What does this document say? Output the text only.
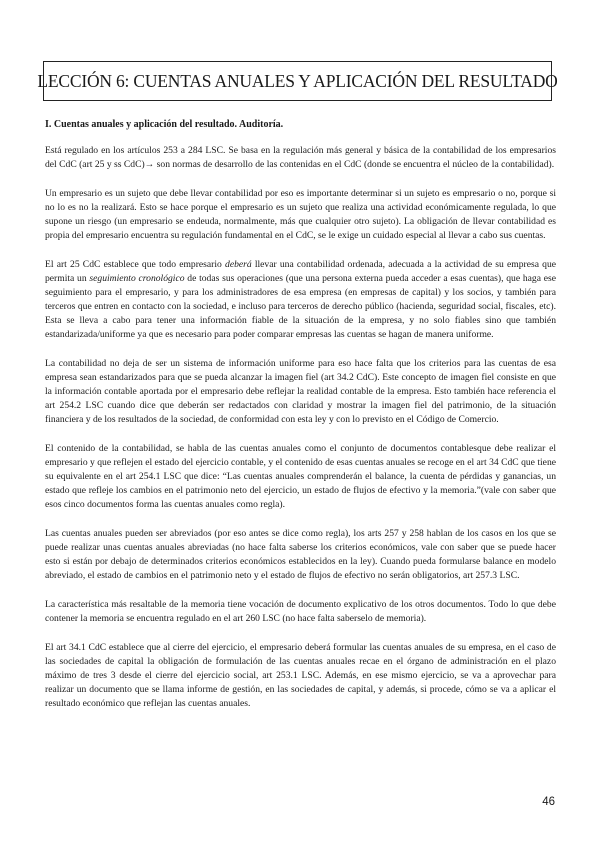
LECCIÓN 6: CUENTAS ANUALES Y APLICACIÓN DEL RESULTADO
I. Cuentas anuales y aplicación del resultado. Auditoría.

Está regulado en los artículos 253 a 284 LSC. Se basa en la regulación más general y básica de la contabilidad de los empresarios del CdC (art 25 y ss CdC)→ son normas de desarrollo de las contenidas en el CdC (donde se encuentra el núcleo de la contabilidad).

Un empresario es un sujeto que debe llevar contabilidad por eso es importante determinar si un sujeto es empresario o no, porque si no lo es no la realizará. Esto se hace porque el empresario es un sujeto que realiza una actividad económicamente regulada, lo que supone un riesgo (un empresario se endeuda, normalmente, más que cualquier otro sujeto). La obligación de llevar contabilidad es propia del empresario encuentra su regulación fundamental en el CdC, se le exige un cuidado especial al llevar a cabo sus cuentas.

El art 25 CdC establece que todo empresario deberá llevar una contabilidad ordenada, adecuada a la actividad de su empresa que permita un seguimiento cronológico de todas sus operaciones (que una persona externa pueda acceder a esas cuentas), que haga ese seguimiento para el empresario, y para los administradores de esa empresa (en empresas de capital) y los socios, y también para terceros que entren en contacto con la sociedad, e incluso para terceros de derecho público (hacienda, seguridad social, fiscales, etc). Esta se lleva a cabo para tener una información fiable de la situación de la empresa, y no solo fiables sino que también estandarizada/uniforme ya que es necesario para poder comparar empresas las cuentas se hagan de manera uniforme.

La contabilidad no deja de ser un sistema de información uniforme para eso hace falta que los criterios para las cuentas de esa empresa sean estandarizados para que se pueda alcanzar la imagen fiel (art 34.2 CdC). Este concepto de imagen fiel consiste en que la información contable aportada por el empresario debe reflejar la realidad contable de la empresa. Esto también hace referencia el art 254.2 LSC cuando dice que deberán ser redactados con claridad y mostrar la imagen fiel del patrimonio, de la situación financiera y de los resultados de la sociedad, de conformidad con esta ley y con lo previsto en el Código de Comercio.

El contenido de la contabilidad, se habla de las cuentas anuales como el conjunto de documentos contablesque debe realizar el empresario y que reflejen el estado del ejercicio contable, y el contenido de esas cuentas anuales se recoge en el art 34 CdC que tiene su equivalente en el art 254.1 LSC que dice: “Las cuentas anuales comprenderán el balance, la cuenta de pérdidas y ganancias, un estado que refleje los cambios en el patrimonio neto del ejercicio, un estado de flujos de efectivo y la memoria.”(vale con saber que esos cinco documentos forma las cuentas anuales como regla).

Las cuentas anuales pueden ser abreviados (por eso antes se dice como regla), los arts 257 y 258 hablan de los casos en los que se puede realizar unas cuentas anuales abreviadas (no hace falta saberse los criterios económicos, vale con saber que se puede hacer esto si están por debajo de determinados criterios económicos establecidos en la ley). Cuando pueda formularse balance en modelo abreviado, el estado de cambios en el patrimonio neto y el estado de flujos de efectivo no serán obligatorios, art 257.3 LSC.

La característica más resaltable de la memoria tiene vocación de documento explicativo de los otros documentos. Todo lo que debe contener la memoria se encuentra regulado en el art 260 LSC (no hace falta saberselo de memoria).

El art 34.1 CdC establece que al cierre del ejercicio, el empresario deberá formular las cuentas anuales de su empresa, en el caso de las sociedades de capital la obligación de formulación de las cuentas anuales recae en el órgano de administración en el plazo máximo de tres 3 desde el cierre del ejercicio social, art 253.1 LSC. Además, en ese mismo ejercicio, se va a aprovechar para realizar un documento que se llama informe de gestión, en las sociedades de capital, y además, si procede, cómo se va a aplicar el resultado económico que reflejan las cuentas anuales.

46
